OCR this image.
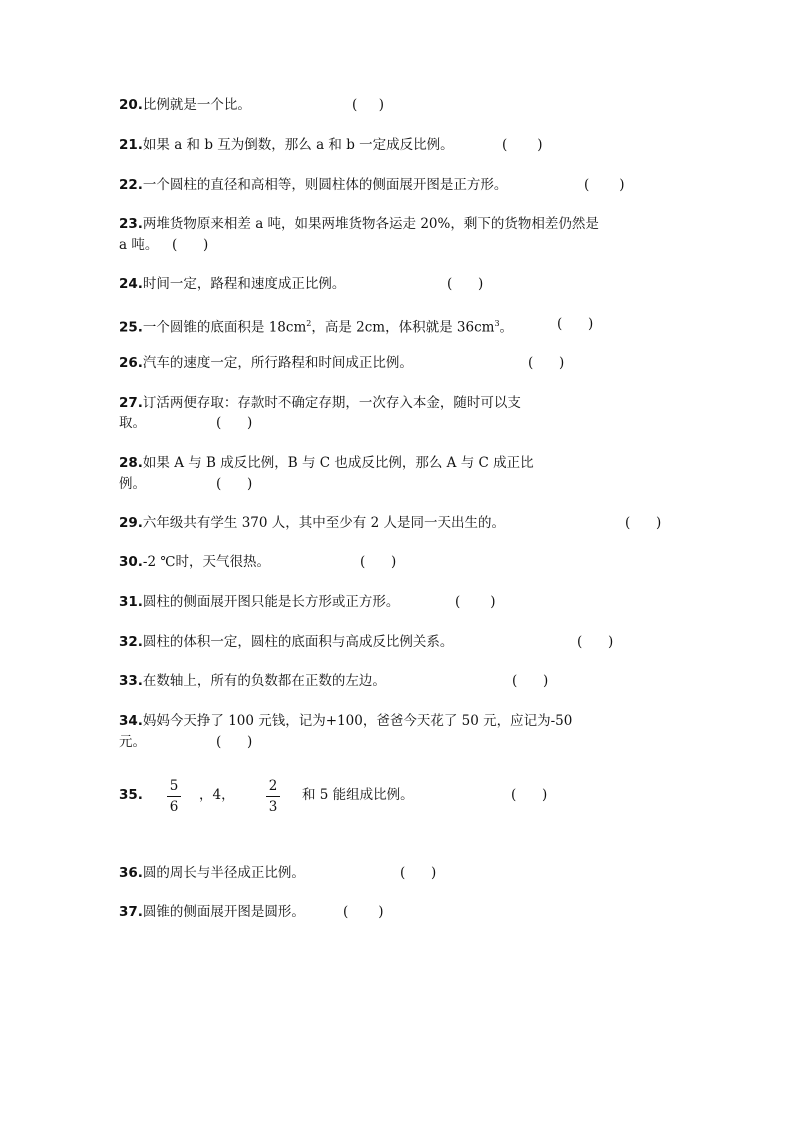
20.比例就是一个比。	(     )
21.如果 a 和 b 互为倒数，那么 a 和 b 一定成反比例。	(       )
22.一个圆柱的直径和高相等，则圆柱体的侧面展开图是正方形。	(       )
23.两堆货物原来相差 a 吨，如果两堆货物各运走 20%，剩下的货物相差仍然是
a 吨。 (      )
24.时间一定，路程和速度成正比例。	(      )
25.一个圆锥的底面积是 $18cm^2$，高是 2cm，体积就是 $36cm^3$。	(      )
26.汽车的速度一定，所行路程和时间成正比例。	(      )
27.订活两便存取：存款时不确定存期，一次存入本金，随时可以支
取。	(      )
28.如果 A 与 B 成反比例，B 与 C 也成反比例，那么 A 与 C 成正比
例。	(      )
29.六年级共有学生 370 人，其中至少有 2 人是同一天出生的。	(      )
30.-2 ℃时，天气很热。	(      )
31.圆柱的侧面展开图只能是长方形或正方形。	(       )
32.圆柱的体积一定，圆柱的底面积与高成反比例关系。	(      )
33.在数轴上，所有的负数都在正数的左边。	(      )
34.妈妈今天挣了 100 元钱，记为+100，爸爸今天花了 50 元，应记为-50
元。	(      )
35.
5
6
，4，
2
3
和 5 能组成比例。	(      )
36.圆的周长与半径成正比例。	(      )
37.圆锥的侧面展开图是圆形。	(       )
